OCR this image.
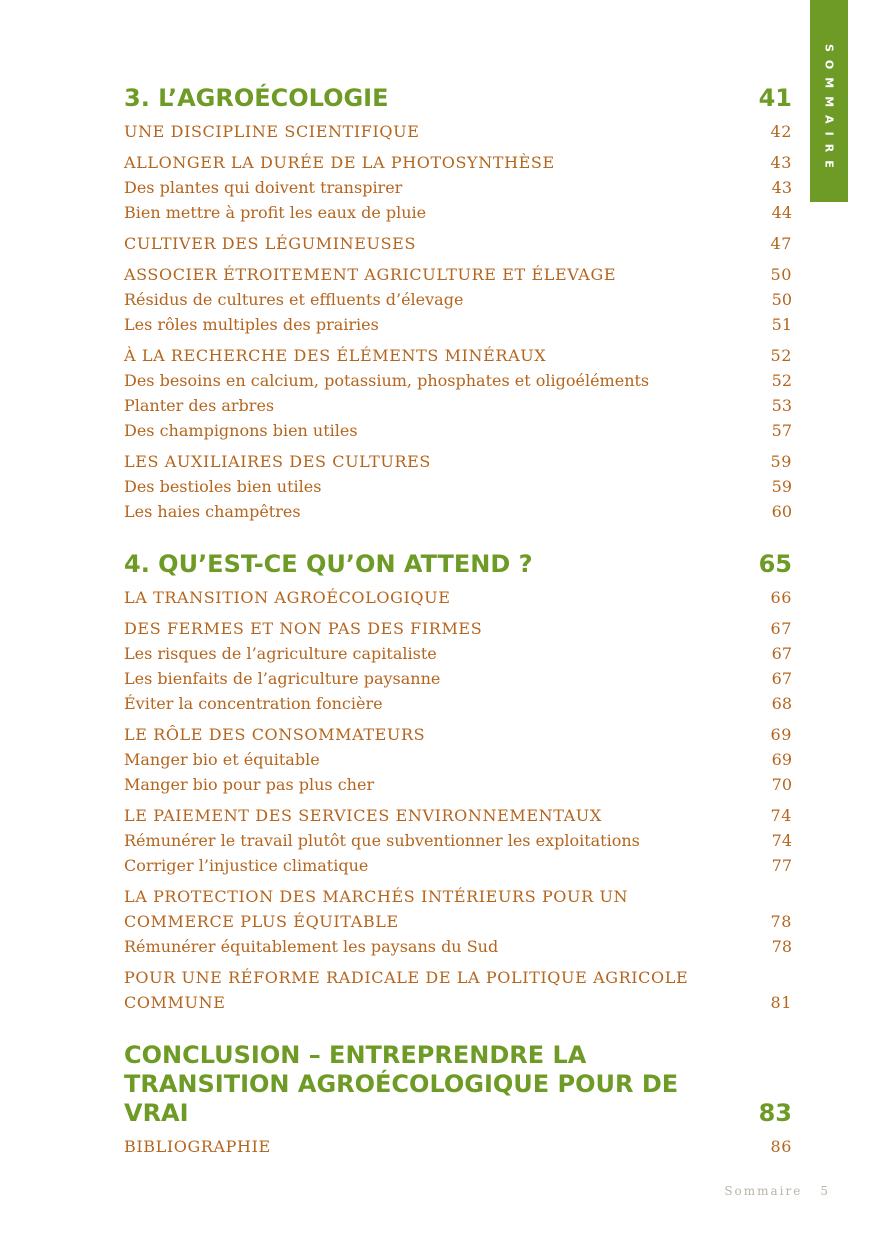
SOMMAIRE
3. L’AGROÉCOLOGIE	41
UNE DISCIPLINE SCIENTIFIQUE	42
ALLONGER LA DURÉE DE LA PHOTOSYNTHÈSE	43
Des plantes qui doivent transpirer	43
Bien mettre à profit les eaux de pluie	44
CULTIVER DES LÉGUMINEUSES	47
ASSOCIER ÉTROITEMENT AGRICULTURE ET ÉLEVAGE	50
Résidus de cultures et effluents d’élevage	50
Les rôles multiples des prairies	51
À LA RECHERCHE DES ÉLÉMENTS MINÉRAUX	52
Des besoins en calcium, potassium, phosphates et oligoéléments	52
Planter des arbres	53
Des champignons bien utiles	57
LES AUXILIAIRES DES CULTURES	59
Des bestioles bien utiles	59
Les haies champêtres	60
4. QU’EST-CE QU’ON ATTEND ?	65
LA TRANSITION AGROÉCOLOGIQUE	66
DES FERMES ET NON PAS DES FIRMES	67
Les risques de l’agriculture capitaliste	67
Les bienfaits de l’agriculture paysanne	67
Éviter la concentration foncière	68
LE RÔLE DES CONSOMMATEURS	69
Manger bio et équitable	69
Manger bio pour pas plus cher	70
LE PAIEMENT DES SERVICES ENVIRONNEMENTAUX	74
Rémunérer le travail plutôt que subventionner les exploitations	74
Corriger l’injustice climatique	77
LA PROTECTION DES MARCHÉS INTÉRIEURS POUR UN COMMERCE PLUS ÉQUITABLE	78
Rémunérer équitablement les paysans du Sud	78
POUR UNE RÉFORME RADICALE DE LA POLITIQUE AGRICOLE COMMUNE	81
CONCLUSION – ENTREPRENDRE LA TRANSITION AGROÉCOLOGIQUE POUR DE VRAI	83
BIBLIOGRAPHIE	86
Sommaire 5
